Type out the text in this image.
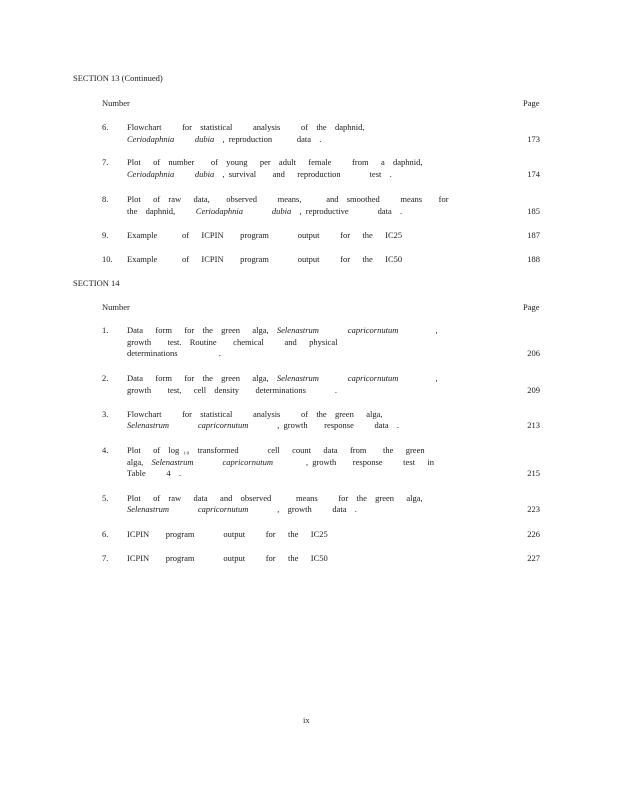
SECTION 13 (Continued)
Number	Page
6. Flowchart     for  statistical     analysis     of  the  daphnid,
Ceriodaphnia     dubia  , reproduction      data  .	173
7. Plot   of  number    of  young   per  adult   female     from   a  daphnid,
Ceriodaphnia     dubia  , survival    and   reproduction       test  .	174
8. Plot   of  raw   data,    observed     means,      and  smoothed     means    for
the  daphnid,     Ceriodaphnia       dubia  , reproductive       data  .	185
9. Example      of   ICPIN    program       output     for   the   IC25	187
10. Example      of   ICPIN    program       output     for   the   IC50	188
SECTION 14
Number	Page
1. Data   form   for  the  green   alga,  Selenastrum       capricornutum         ,
growth    test.  Routine    chemical     and   physical
determinations          .	206
2. Data   form   for  the  green   alga,  Selenastrum       capricornutum         ,
growth    test,   cell  density    determinations       .	209
3. Flowchart     for  statistical     analysis     of  the  green   alga,
Selenastrum       capricornutum       , growth    response     data  .	213
4. Plot   of  log ₁₀  transformed       cell   count   data   from    the   green
alga,  Selenastrum       capricornutum        , growth    response     test   in
Table     4  .	215
5. Plot   of  raw   data   and  observed      means     for  the  green   alga,
Selenastrum       capricornutum       ,  growth     data  .	223
6. ICPIN    program       output     for   the   IC25	226
7. ICPIN    program       output     for   the   IC50	227
ix
